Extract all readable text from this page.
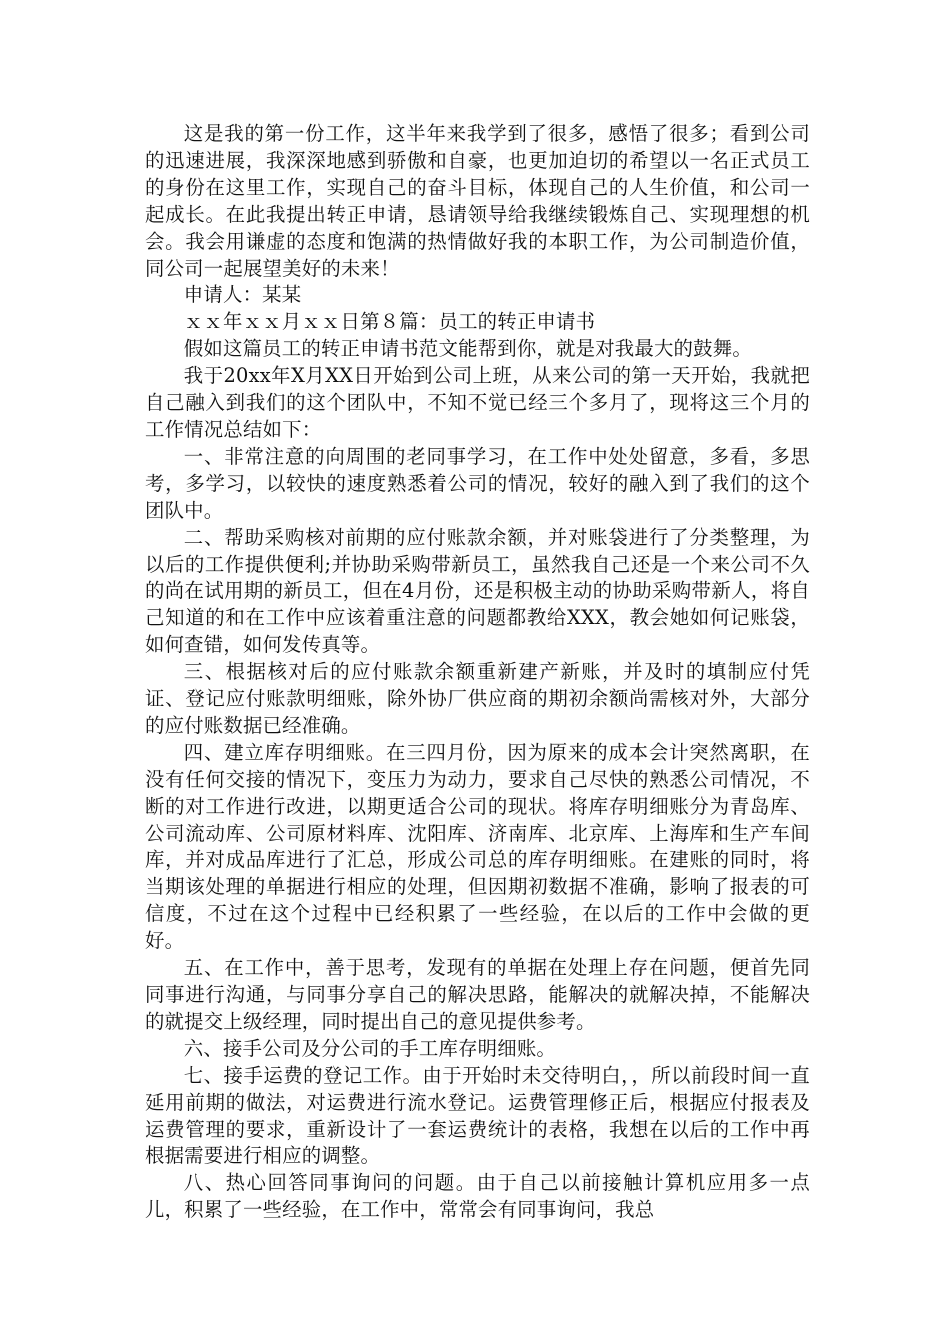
这是我的第一份工作，这半年来我学到了很多，感悟了很多；看到公司的迅速进展，我深深地感到骄傲和自豪，也更加迫切的希望以一名正式员工的身份在这里工作，实现自己的奋斗目标，体现自己的人生价值，和公司一起成长。在此我提出转正申请，恳请领导给我继续锻炼自己、实现理想的机会。我会用谦虚的态度和饱满的热情做好我的本职工作，为公司制造价值，同公司一起展望美好的未来！

申请人：某某

ｘｘ年ｘｘ月ｘｘ日第８篇：员工的转正申请书

假如这篇员工的转正申请书范文能帮到你，就是对我最大的鼓舞。

我于20xx年X月XX日开始到公司上班，从来公司的第一天开始，我就把自己融入到我们的这个团队中，不知不觉已经三个多月了，现将这三个月的工作情况总结如下：

一、非常注意的向周围的老同事学习，在工作中处处留意，多看，多思考，多学习，以较快的速度熟悉着公司的情况，较好的融入到了我们的这个团队中。

二、帮助采购核对前期的应付账款余额，并对账袋进行了分类整理，为以后的工作提供便利;并协助采购带新员工，虽然我自己还是一个来公司不久的尚在试用期的新员工，但在4月份，还是积极主动的协助采购带新人，将自己知道的和在工作中应该着重注意的问题都教给XXX，教会她如何记账袋，如何查错，如何发传真等。

三、根据核对后的应付账款余额重新建产新账，并及时的填制应付凭证、登记应付账款明细账，除外协厂供应商的期初余额尚需核对外，大部分的应付账数据已经准确。

四、建立库存明细账。在三四月份，因为原来的成本会计突然离职，在没有任何交接的情况下，变压力为动力，要求自己尽快的熟悉公司情况，不断的对工作进行改进，以期更适合公司的现状。将库存明细账分为青岛库、公司流动库、公司原材料库、沈阳库、济南库、北京库、上海库和生产车间库，并对成品库进行了汇总，形成公司总的库存明细账。在建账的同时，将当期该处理的单据进行相应的处理，但因期初数据不准确，影响了报表的可信度，不过在这个过程中已经积累了一些经验，在以后的工作中会做的更好。

五、在工作中，善于思考，发现有的单据在处理上存在问题，便首先同同事进行沟通，与同事分享自己的解决思路，能解决的就解决掉，不能解决的就提交上级经理，同时提出自己的意见提供参考。

六、接手公司及分公司的手工库存明细账。

七、接手运费的登记工作。由于开始时未交待明白，，所以前段时间一直延用前期的做法，对运费进行流水登记。运费管理修正后，根据应付报表及运费管理的要求，重新设计了一套运费统计的表格，我想在以后的工作中再根据需要进行相应的调整。

八、热心回答同事询问的问题。由于自己以前接触计算机应用多一点儿，积累了一些经验，在工作中，常常会有同事询问，我总
